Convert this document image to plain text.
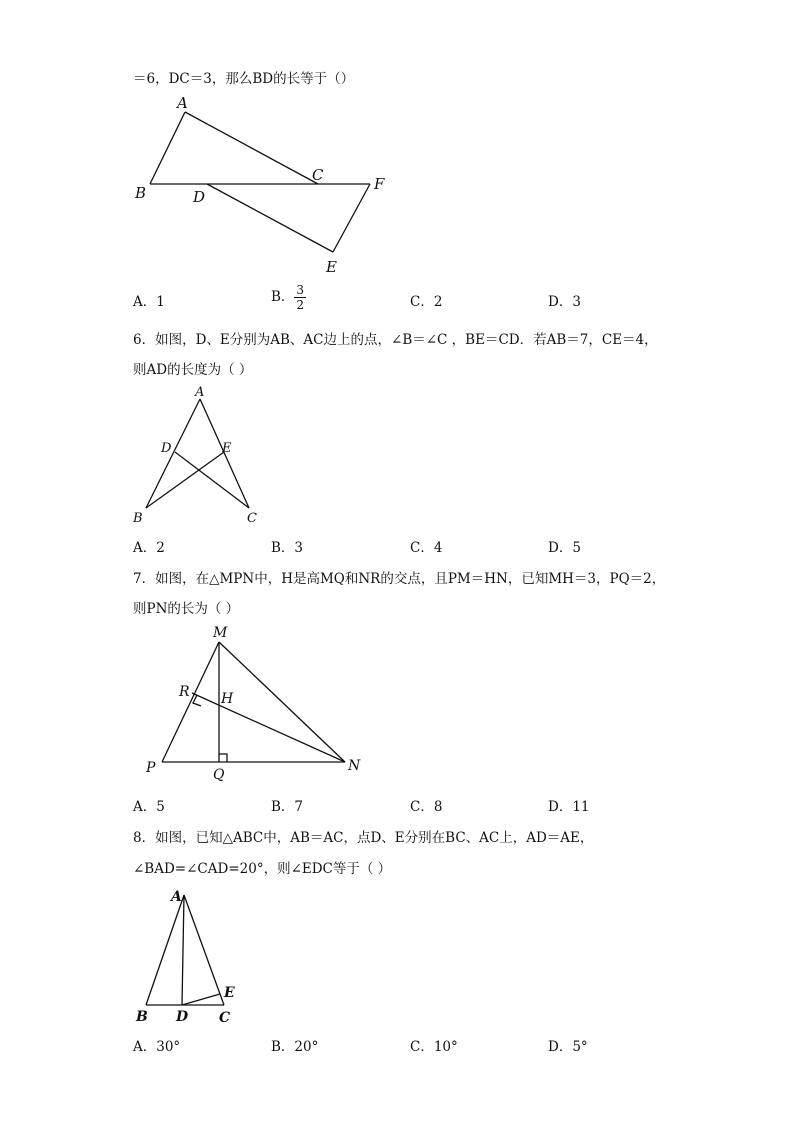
＝6，DC＝3，那么BD的长等于（）
A
B
C
D
E
F
A．1	B． $\frac{3}{2}$	C．2	D．3
6．如图，D、E分别为AB、AC边上的点，∠B＝∠C ，BE＝CD．若AB＝7，CE＝4，
则AD的长度为（ ）
A
D	E
B	C
A．2	B．3	C．4	D．5
7．如图，在△MPN中，H是高MQ和NR的交点，且PM＝HN，已知MH＝3，PQ＝2，
则PN的长为（ ）
M
R H
P	Q
N
A．5	B．7	C．8	D．11
8．如图，已知△ABC中，AB＝AC，点D、E分别在BC、AC上，AD＝AE，
∠BAD=∠CAD=20°，则∠EDC等于（ ）
A
E
B D C
A．30°	B．20°	C．10°	D．5°
